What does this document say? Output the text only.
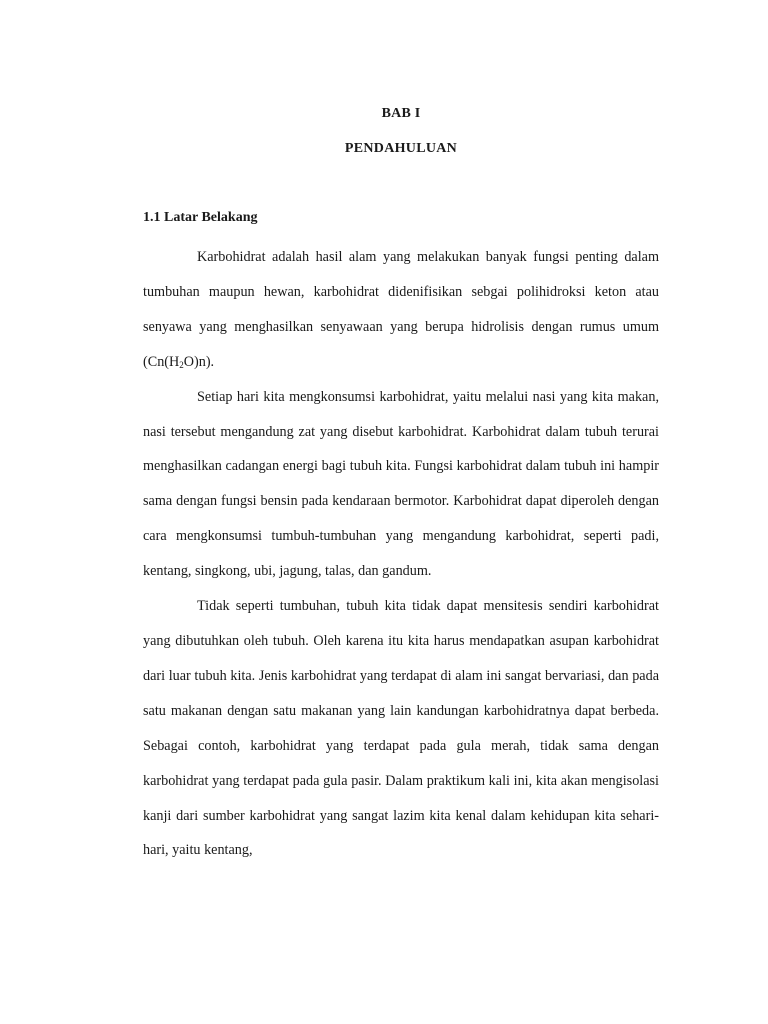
BAB I
PENDAHULUAN
1.1 Latar Belakang

Karbohidrat adalah hasil alam yang melakukan banyak fungsi penting dalam tumbuhan maupun hewan, karbohidrat didenifisikan sebgai polihidroksi keton atau senyawa yang menghasilkan senyawaan yang berupa hidrolisis dengan rumus umum $(Cn(H_2O)n)$.

Setiap hari kita mengkonsumsi karbohidrat, yaitu melalui nasi yang kita makan, nasi tersebut mengandung zat yang disebut karbohidrat. Karbohidrat dalam tubuh terurai menghasilkan cadangan energi bagi tubuh kita. Fungsi karbohidrat dalam tubuh ini hampir sama dengan fungsi bensin pada kendaraan bermotor. Karbohidrat dapat diperoleh dengan cara mengkonsumsi tumbuh-tumbuhan yang mengandung karbohidrat, seperti padi, kentang, singkong, ubi, jagung, talas, dan gandum.

Tidak seperti tumbuhan, tubuh kita tidak dapat mensitesis sendiri karbohidrat yang dibutuhkan oleh tubuh. Oleh karena itu kita harus mendapatkan asupan karbohidrat dari luar tubuh kita. Jenis karbohidrat yang terdapat di alam ini sangat bervariasi, dan pada satu makanan dengan satu makanan yang lain kandungan karbohidratnya dapat berbeda. Sebagai contoh, karbohidrat yang terdapat pada gula merah, tidak sama dengan karbohidrat yang terdapat pada gula pasir. Dalam praktikum kali ini, kita akan mengisolasi kanji dari sumber karbohidrat yang sangat lazim kita kenal dalam kehidupan kita sehari-hari, yaitu kentang,
